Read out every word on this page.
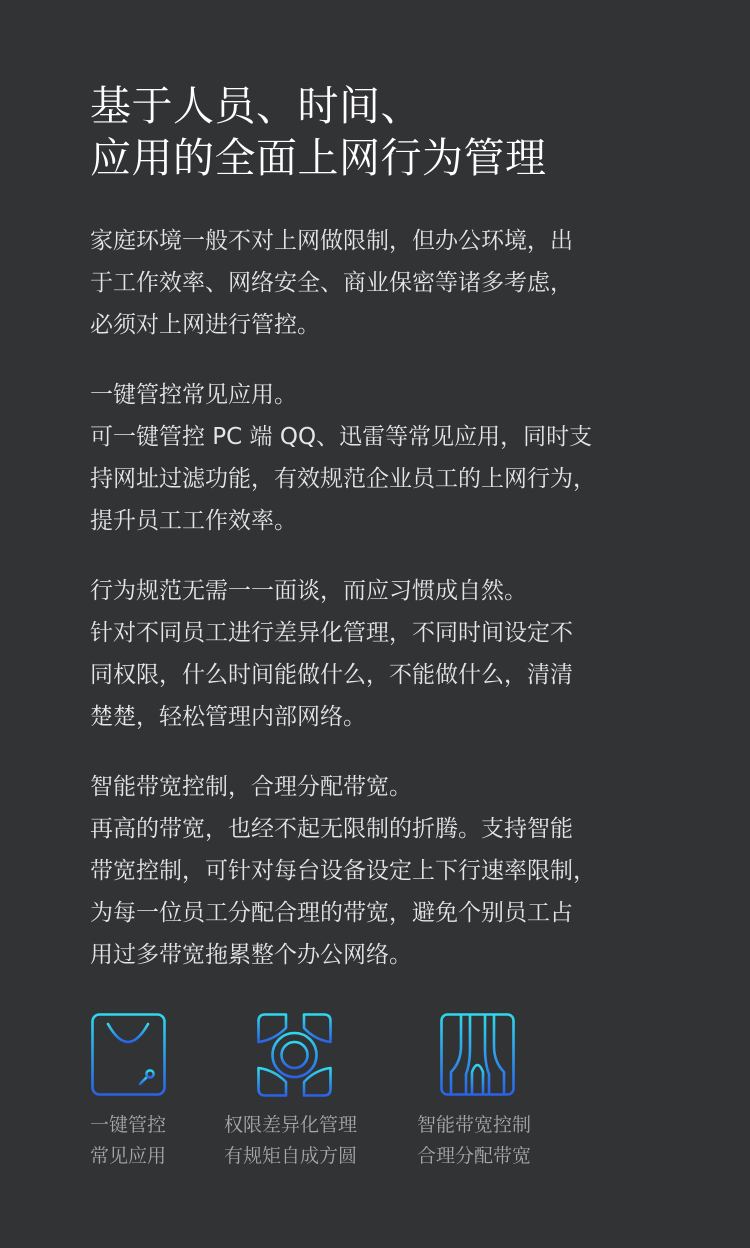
基于人员、时间、
应用的全面上网行为管理

家庭环境一般不对上网做限制，但办公环境，出
于工作效率、网络安全、商业保密等诸多考虑，
必须对上网进行管控。

一键管控常见应用。
可一键管控 PC 端 QQ、迅雷等常见应用，同时支
持网址过滤功能，有效规范企业员工的上网行为，
提升员工工作效率。

行为规范无需一一面谈，而应习惯成自然。
针对不同员工进行差异化管理，不同时间设定不
同权限，什么时间能做什么，不能做什么，清清
楚楚，轻松管理内部网络。

智能带宽控制，合理分配带宽。
再高的带宽，也经不起无限制的折腾。支持智能
带宽控制，可针对每台设备设定上下行速率限制，
为每一位员工分配合理的带宽，避免个别员工占
用过多带宽拖累整个办公网络。

一键管控
常见应用
权限差异化管理
有规矩自成方圆
智能带宽控制
合理分配带宽
